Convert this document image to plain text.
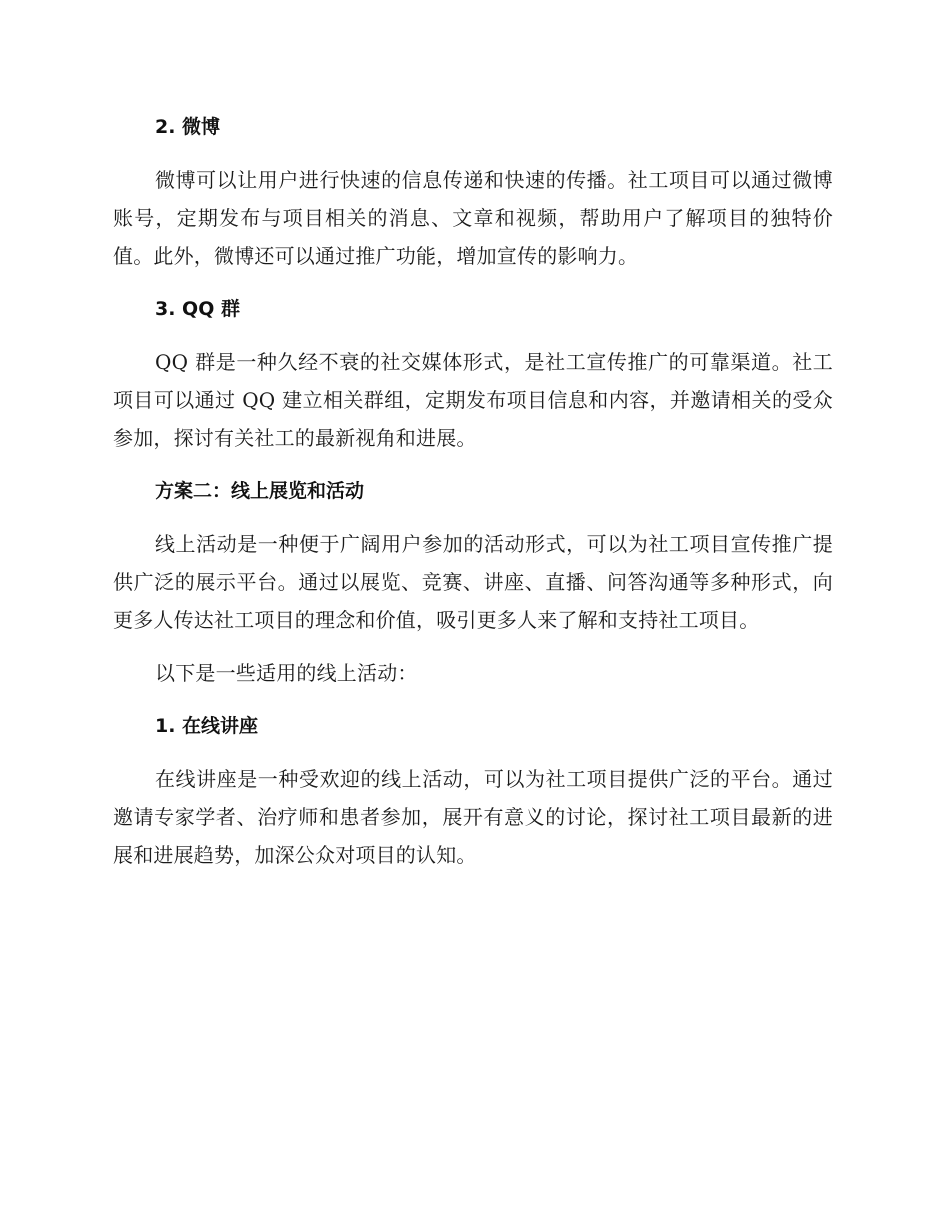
2. 微博

微博可以让用户进行快速的信息传递和快速的传播。社工项目可以通过微博账号，定期发布与项目相关的消息、文章和视频，帮助用户了解项目的独特价值。此外，微博还可以通过推广功能，增加宣传的影响力。

3. QQ 群

QQ 群是一种久经不衰的社交媒体形式，是社工宣传推广的可靠渠道。社工项目可以通过 QQ 建立相关群组，定期发布项目信息和内容，并邀请相关的受众参加，探讨有关社工的最新视角和进展。

方案二：线上展览和活动

线上活动是一种便于广阔用户参加的活动形式，可以为社工项目宣传推广提供广泛的展示平台。通过以展览、竞赛、讲座、直播、问答沟通等多种形式，向更多人传达社工项目的理念和价值，吸引更多人来了解和支持社工项目。

以下是一些适用的线上活动：

1. 在线讲座

在线讲座是一种受欢迎的线上活动，可以为社工项目提供广泛的平台。通过邀请专家学者、治疗师和患者参加，展开有意义的讨论，探讨社工项目最新的进展和进展趋势，加深公众对项目的认知。
